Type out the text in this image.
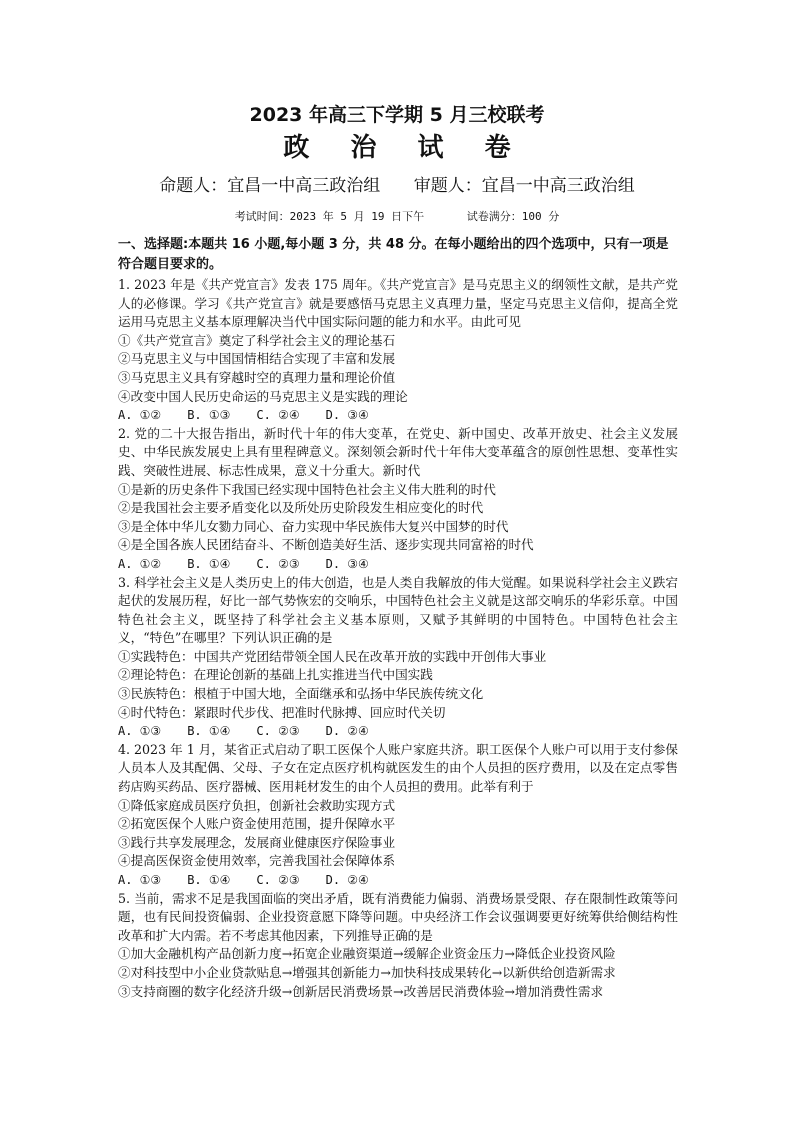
2023 年高三下学期 5 月三校联考
政 治 试 卷
命题人：宜昌一中高三政治组 审题人：宜昌一中高三政治组
考试时间：2023 年 5 月 19 日下午	试卷满分：100 分
一、选择题:本题共 16 小题,每小题 3 分，共 48 分。在每小题给出的四个选项中，只有一项是符合题目要求的。
1. 2023 年是《共产党宣言》发表 175 周年。《共产党宣言》是马克思主义的纲领性文献，是共产党人的必修课。学习《共产党宣言》就是要感悟马克思主义真理力量，坚定马克思主义信仰，提高全党运用马克思主义基本原理解决当代中国实际问题的能力和水平。由此可见
①《共产党宣言》奠定了科学社会主义的理论基石
②马克思主义与中国国情相结合实现了丰富和发展
③马克思主义具有穿越时空的真理力量和理论价值
④改变中国人民历史命运的马克思主义是实践的理论
A. ①② B. ①③ C. ②④ D. ③④
2. 党的二十大报告指出，新时代十年的伟大变革，在党史、新中国史、改革开放史、社会主义发展史、中华民族发展史上具有里程碑意义。深刻领会新时代十年伟大变革蕴含的原创性思想、变革性实践、突破性进展、标志性成果，意义十分重大。新时代
①是新的历史条件下我国已经实现中国特色社会主义伟大胜利的时代
②是我国社会主要矛盾变化以及所处历史阶段发生相应变化的时代
③是全体中华儿女勠力同心、奋力实现中华民族伟大复兴中国梦的时代
④是全国各族人民团结奋斗、不断创造美好生活、逐步实现共同富裕的时代
A. ①② B. ①④ C. ②③ D. ③④
3. 科学社会主义是人类历史上的伟大创造，也是人类自我解放的伟大觉醒。如果说科学社会主义跌宕起伏的发展历程，好比一部气势恢宏的交响乐，中国特色社会主义就是这部交响乐的华彩乐章。中国特色社会主义，既坚持了科学社会主义基本原则，又赋予其鲜明的中国特色。中国特色社会主义，“特色”在哪里？下列认识正确的是
①实践特色：中国共产党团结带领全国人民在改革开放的实践中开创伟大事业
②理论特色：在理论创新的基础上扎实推进当代中国实践
③民族特色：根植于中国大地，全面继承和弘扬中华民族传统文化
④时代特色：紧跟时代步伐、把准时代脉搏、回应时代关切
A. ①③ B. ①④ C. ②③ D. ②④
4. 2023 年 1 月，某省正式启动了职工医保个人账户家庭共济。职工医保个人账户可以用于支付参保人员本人及其配偶、父母、子女在定点医疗机构就医发生的由个人员担的医疗费用，以及在定点零售药店购买药品、医疗器械、医用耗材发生的由个人员担的费用。此举有利于
①降低家庭成员医疗负担，创新社会救助实现方式
②拓宽医保个人账户资金使用范围，提升保障水平
③践行共享发展理念，发展商业健康医疗保险事业
④提高医保资金使用效率，完善我国社会保障体系
A. ①③ B. ①④ C. ②③ D. ②④
5. 当前，需求不足是我国面临的突出矛盾，既有消费能力偏弱、消费场景受限、存在限制性政策等问题，也有民间投资偏弱、企业投资意愿下降等问题。中央经济工作会议强调要更好统筹供给侧结构性改革和扩大内需。若不考虑其他因素，下列推导正确的是
①加大金融机构产品创新力度→拓宽企业融资渠道→缓解企业资金压力→降低企业投资风险
②对科技型中小企业贷款贴息→增强其创新能力→加快科技成果转化→以新供给创造新需求
③支持商圈的数字化经济升级→创新居民消费场景→改善居民消费体验→增加消费性需求
